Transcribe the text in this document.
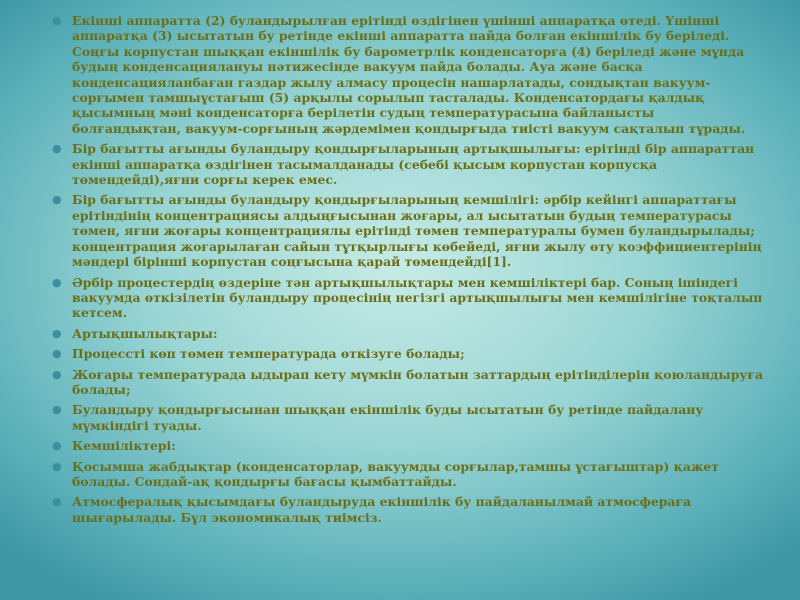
● Екінші аппаратта (2) буландырылған ерітінді өздігінен үшінші аппаратқа өтеді. Үшінші аппаратқа (3) ысытатын бу ретінде екінші аппаратта пайда болған екіншілік бу беріледі. Соңғы корпустан шыққан екіншілік бу барометрлік конденсаторға (4) беріледі және мұнда будың конденсациялануы нәтижесінде вакуум пайда болады. Ауа және басқа конденсацияланбаған газдар жылу алмасу процесін нашарлатады, сондықтан вакуум-сорғымен тамшыұстағыш (5) арқылы сорылып тасталады. Конденсатордағы қалдық қысымның мәні конденсаторға берілетін судың температурасына байланысты болғандықтан, вакуум-сорғының жәрдемімен қондырғыда тиісті вакуум сақталып тұрады.
● Бір бағытты ағынды буландыру қондырғыларының артықшылығы: ерітінді бір аппараттан екінші аппаратқа өздігінен тасымалданады (себебі қысым корпустан корпусқа төмендейді),яғни сорғы керек емес.
● Бір бағытты ағынды буландыру қондырғыларының кемшілігі: әрбір кейінгі аппараттағы ерітіндінің концентрациясы алдыңғысынан жоғары, ал ысытатын будың температурасы төмен, яғни жоғары концентрациялы ерітінді төмен температуралы бумен буландырылады; концентрация жоғарылаған сайын тұтқырлығы көбейеді, яғни жылу өту коэффициентерінің мәндері бірінші корпустан соңғысына қарай төмендейді[1].
● Әрбір процестердің өздеріне тән артықшылықтары мен кемшіліктері бар. Соның ішіндегі вакуумда өткізілетін буландыру процесінің негізгі артықшылығы мен кемшілігіне тоқталып кетсем.
● Артықшылықтары:
● Процессті көп төмен температурада өткізуге болады;
● Жоғары температурада ыдырап кету мүмкін болатын заттардың ерітінділерін қоюландыруға болады;
● Буландыру қондырғысынан шыққан екіншілік буды ысытатын бу ретінде пайдалану мүмкіндігі туады.
● Кемшіліктері:
● Қосымша жабдықтар (конденсаторлар, вакуумды сорғылар,тамшы ұстағыштар) қажет болады. Сондай-ақ қондырғы бағасы қымбаттайды.
● Атмосфералық қысымдағы буландыруда екіншілік бу пайдаланылмай атмосфераға шығарылады. Бұл экономикалық тиімсіз.
